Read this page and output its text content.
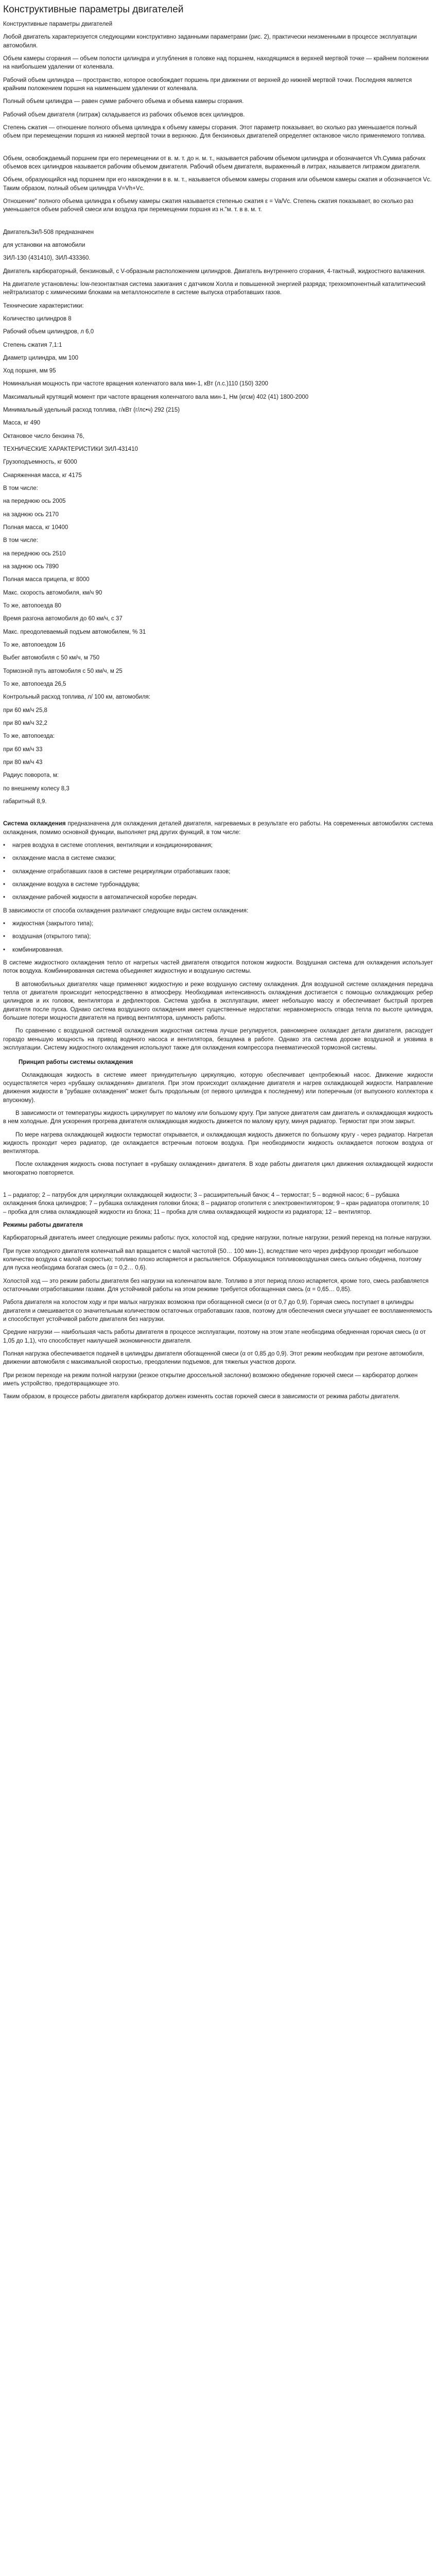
Конструктивные параметры двигателей

Конструктивные параметры двигателей

Любой двигатель характеризуется следующими конструктивно заданными параметрами (рис. 2), практически неизменными в процессе эксплуатации автомобиля.

Объем камеры сгорания — объем полости цилиндра и углубления в головке над поршнем, находящимся в верхней мертвой точке — крайнем положении на наибольшем удалении от коленвала.

Рабочий объем цилиндра — пространство, которое освобождает поршень при движении от верхней до нижней мертвой точки. Последняя является крайним положением поршня на наименьшем удалении от коленвала.

Полный объем цилиндра — равен сумме рабочего объема и объема камеры сгорания.

Рабочий объем двигателя (литраж) складывается из рабочих объемов всех цилиндров.

Степень сжатия — отношение полного объема цилиндра к объему камеры сгорания. Этот параметр показывает, во сколько раз уменьшается полный объем при перемещении поршня из нижней мертвой точки в верхнюю. Для бензиновых двигателей определяет октановое число применяемого топлива.

Объем, освобождаемый поршнем при его перемещении от в. м. т. до н. м. т., называется рабочим объемом цилиндра и обозначается Vh.Сумма рабочих объемов всех цилиндров называется рабочим объемом двигателя. Рабочий объем двигателя, выраженный в литрах, называется литражом двигателя.

Объем, образующийся над поршнем при его нахождении в в. м. т., называется объемом камеры сгорания или объемом камеры сжатия и обозначается Vc. Таким образом, полный объем цилиндра V=Vh+Vc.

Отношение" полного объема цилиндра к объему камеры сжатия называется степенью сжатия ε = Va/Vc. Степень сжатия показывает, во сколько раз уменьшается объем рабочей смеси или воздуха при перемещении поршня из н."м. т. в в. м. т.

ДвигательЗиЛ-508 предназначен

для установки на автомобили

ЗИЛ-130 (431410), ЗИЛ-433360.

Двигатель карбюраторный, бензиновый, с V-образным расположением цилиндров. Двигатель внутреннего сгорания, 4-тактный, жидкостного валажения.

На двигателе установлены: low-пезонтактная система зажигания с датчиком Холла и повышенной энергией разряда; трехкомпонентный каталитический нейтрализатор с химическими блоками на металлоносителе в системе выпуска отработавших газов.

Технические характеристики:

Количество цилиндров 8

Рабочий объем цилиндров, л 6,0

Степень сжатия 7,1:1

Диаметр цилиндра, мм 100

Ход поршня, мм 95

Номинальная мощность при частоте вращения коленчатого вала мин-1, кВт (л.с.)110 (150) 3200

Максимальный крутящий момент при частоте вращения коленчатого вала мин-1, Нм (кгсм) 402 (41) 1800-2000

Минимальный удельный расход топлива, г/кВт (г/лс•ч) 292 (215)

Масса, кг 490

Октановое число бензина 76,

ТЕХНИЧЕСКИЕ ХАРАКТЕРИСТИКИ ЗИЛ-431410

Грузоподъемность, кг 6000

Снаряженная масса, кг 4175

В том числе:

на переднюю ось 2005

на заднюю ось 2170

Полная масса, кг 10400

В том числе:

на переднюю ось 2510

на заднюю ось 7890

Полная масса прицепа, кг 8000

Макс. скорость автомобиля, км/ч 90

То же, автопоезда 80

Время разгона автомобиля до 60 км/ч, с 37

Макс. преодолеваемый подъем автомобилем, % 31

То же, автопоездом 16

Выбег автомобиля с 50 км/ч, м 750

Тормозной путь автомобиля с 50 км/ч, м 25

То же, автопоезда 26,5

Контрольный расход топлива, л/ 100 км, автомобиля:

при 60 км/ч 25,8

при 80 км/ч 32,2

То же, автопоезда:

при 60 км/ч 33

при 80 км/ч 43

Радиус поворота, м:

по внешнему колесу 8,3

габаритный 8,9.

Система охлаждения предназначена для охлаждения деталей двигателя, нагреваемых в результате его работы. На современных автомобилях система охлаждения, помимо основной функции, выполняет ряд других функций, в том числе:

•	нагрев воздуха в системе отопления, вентиляции и кондиционирования;
•	охлаждение масла в системе смазки;
•	охлаждение отработавших газов в системе рециркуляции отработавших газов;
•	охлаждение воздуха в системе турбонаддува;
•	охлаждение рабочей жидкости в автоматической коробке передач.

В зависимости от способа охлаждения различают следующие виды систем охлаждения:

•	жидкостная (закрытого типа);
•	воздушная (открытого типа);
•	комбинированная.

В системе жидкостного охлаждения тепло от нагретых частей двигателя отводится потоком жидкости. Воздушная система для охлаждения использует поток воздуха. Комбинированная система объединяет жидкостную и воздушную системы.

В автомобильных двигателях чаще применяют жидкостную и реже воздушную систему охлаждения. Для воздушной системе охлаждения передача тепла от двигателя происходит непосредственно в атмосферу. Необходимая интенсивность охлаждения достигается с помощью охлаждающих ребер цилиндров и их головок, вентилятора и дефлекторов. Система удобна в эксплуатации, имеет небольшую массу и обеспечивает быстрый прогрев двигателя после пуска. Однако система воздушного охлаждения имеет существенные недостатки: неравномерность отвода тепла по высоте цилиндра, большие потери мощности двигателя на привод вентилятора, шумность работы.

По сравнению с воздушной системой охлаждения жидкостная система лучше регулируется, равномернее охлаждает детали двигателя, расходует гораздо меньшую мощность на привод водяного насоса и вентилятора, безшумна в работе. Однако эта система дороже воздушной и уязвима в эксплуатации. Систему жидкостного охлаждения используют также для охлаждения компрессора пневматической тормозной системы.

Принцип работы системы охлаждения

Охлаждающая жидкость в системе имеет принудительную циркуляцию, которую обеспечивает центробежный насос. Движение жидкости осуществляется через «рубашку охлаждения» двигателя. При этом происходит охлаждение двигателя и нагрев охлаждающей жидкости. Направление движения жидкости в "рубашке охлаждения" может быть продольным (от первого цилиндра к последнему) или поперечным (от выпускного коллектора к впускному).

В зависимости от температуры жидкость циркулирует по малому или большому кругу. При запуске двигателя сам двигатель и охлаждающая жидкость в нем холодные. Для ускорения прогрева двигателя охлаждающая жидкость движется по малому кругу, минуя радиатор. Термостат при этом закрыт.

По мере нагрева охлаждающей жидкости термостат открывается, и охлаждающая жидкость движется по большому кругу - через радиатор. Нагретая жидкость проходит через радиатор, где охлаждается встречным потоком воздуха. При необходимости жидкость охлаждается потоком воздуха от вентилятора.

После охлаждения жидкость снова поступает в «рубашку охлаждения» двигателя. В ходе работы двигателя цикл движения охлаждающей жидкости многократно повторяется.

1 – радиатор; 2 – патрубок для циркуляции охлаждающей жидкости; 3 – расширительный бачок; 4 – термостат; 5 – водяной насос; 6 – рубашка охлаждения блока цилиндров; 7 – рубашка охлаждения головки блока; 8 – радиатор отопителя с электровентилятором; 9 – кран радиатора отопителя; 10 – пробка для слива охлаждающей жидкости из блока; 11 – пробка для слива охлаждающей жидкости из радиатора; 12 – вентилятор.

Режимы работы двигателя

Карбюраторный двигатель имеет следующие режимы работы: пуск, холостой ход, средние нагрузки, полные нагрузки, резкий переход на полные нагрузки.

При пуске холодного двигателя коленчатый вал вращается с малой частотой (50… 100 мин-1), вследствие чего через диффузор проходит небольшое количество воздуха с малой скоростью; топливо плохо испаряется и распыляется. Образующаяся топливовоздушная смесь сильно обеднена, поэтому для пуска необходима богатая смесь (α = 0,2… 0,6).

Холостой ход — это режим работы двигателя без нагрузки на коленчатом вале. Топливо в этот период плохо испаряется, кроме того, смесь разбавляется остаточными отработавшими газами. Для устойчивой работы на этом режиме требуется обогащенная смесь (α = 0,65… 0,85).

Работа двигателя на холостом ходу и при малых нагрузках возможна при обогащенной смеси (α от 0,7 до 0,9). Горячая смесь поступает в цилиндры двигателя и смешивается со значительным количеством остаточных отработавших газов, поэтому для обеспечения смеси улучшает ее воспламеняемость и способствует устойчивой работе двигателя без нагрузки.

Средние нагрузки — наибольшая часть работы двигателя в процессе эксплуатации, поэтому на этом этапе необходима обедненная горючая смесь (α от 1,05 до 1,1), что способствует наилучшей экономичности двигателя.

Полная нагрузка обеспечивается подачей в цилиндры двигателя обогащенной смеси (α от 0,85 до 0,9). Этот режим необходим при резгоне автомобиля, движении автомобиля с максимальной скоростью, преодолении подъемов, для тяжелых участков дороги.

При резком переходе на режим полной нагрузки (резкое открытие дроссельной заслонки) возможно обеднение горючей смеси — карбюратор должен иметь устройство, предотвращающее это.

Таким образом, в процессе работы двигателя карбюратор должен изменять состав горючей смеси в зависимости от режима работы двигателя.
